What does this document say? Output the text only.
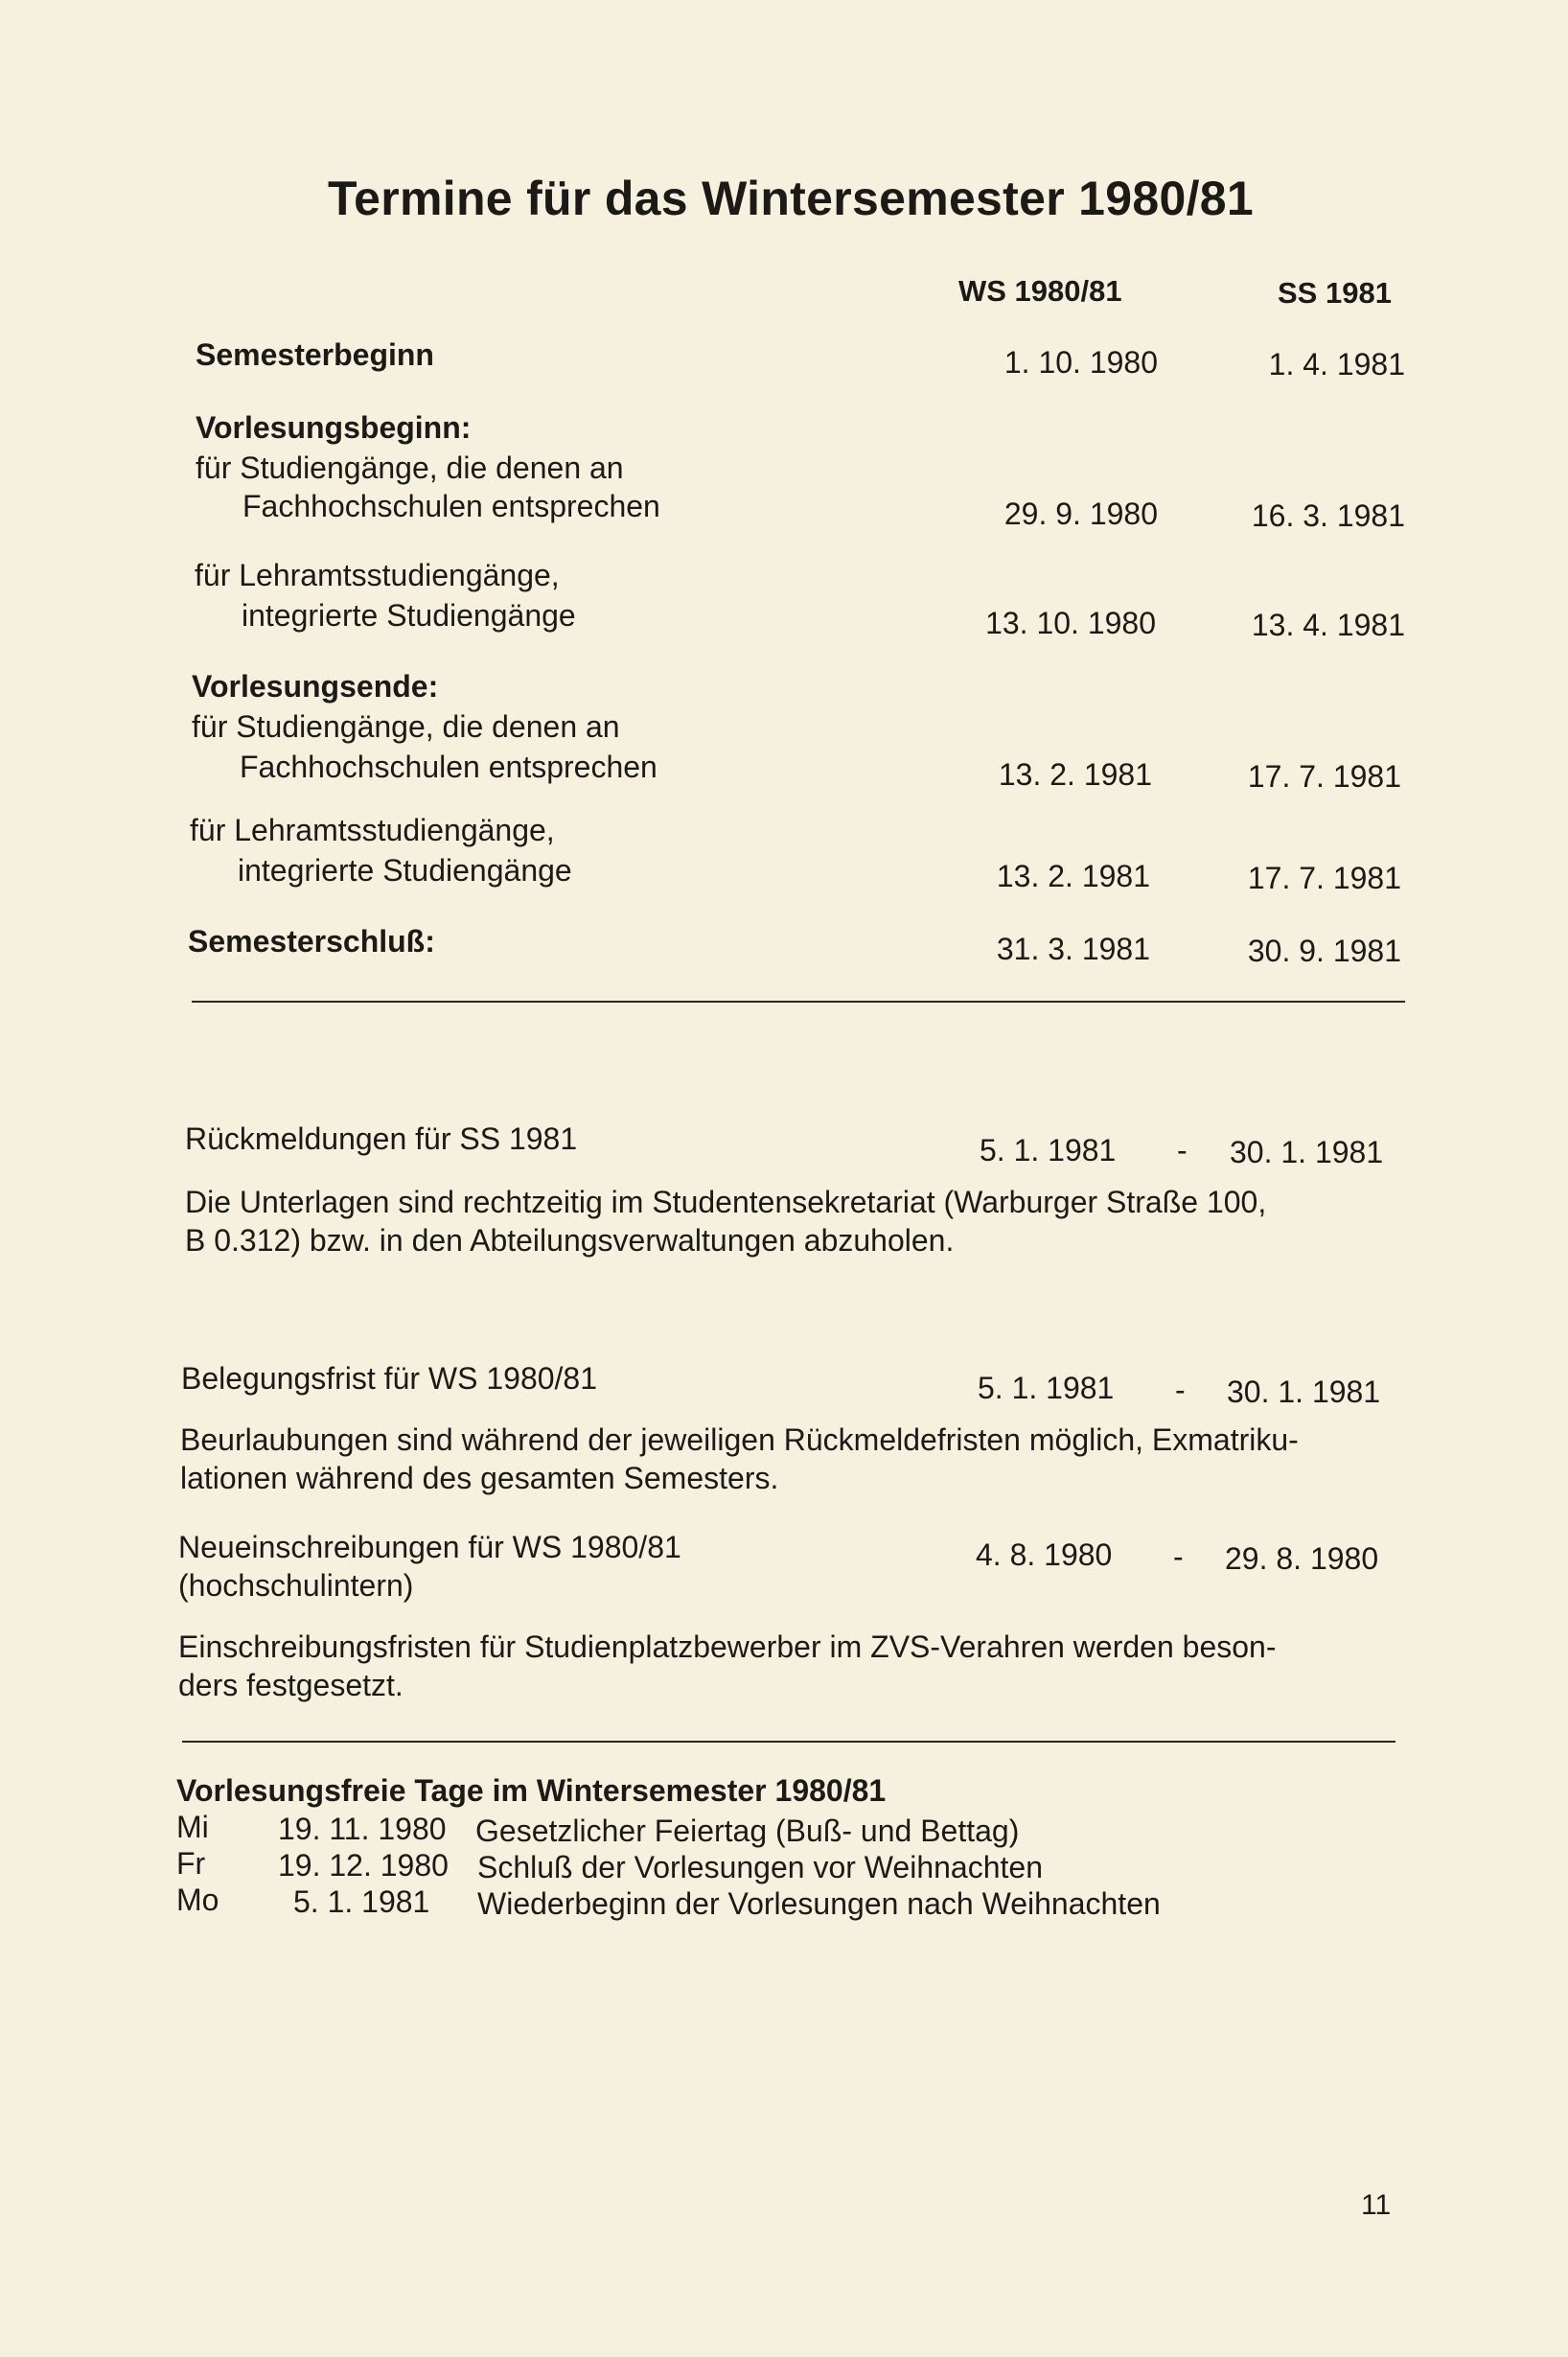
Termine für das Wintersemester 1980/81
WS 1980/81	SS 1981
Semesterbeginn	1. 10. 1980	1. 4. 1981
Vorlesungsbeginn:
für Studiengänge, die denen an
Fachhochschulen entsprechen	29. 9. 1980	16. 3. 1981
für Lehramtsstudiengänge,
integrierte Studiengänge	13. 10. 1980	13. 4. 1981
Vorlesungsende:
für Studiengänge, die denen an
Fachhochschulen entsprechen	13. 2. 1981	17. 7. 1981
für Lehramtsstudiengänge,
integrierte Studiengänge	13. 2. 1981	17. 7. 1981
Semesterschluß:	31. 3. 1981	30. 9. 1981
Rückmeldungen für SS 1981	5. 1. 1981 - 30. 1. 1981
Die Unterlagen sind rechtzeitig im Studentensekretariat (Warburger Straße 100,
B 0.312) bzw. in den Abteilungsverwaltungen abzuholen.
Belegungsfrist für WS 1980/81	5. 1. 1981 - 30. 1. 1981
Beurlaubungen sind während der jeweiligen Rückmeldefristen möglich, Exmatriku-
lationen während des gesamten Semesters.
Neueinschreibungen für WS 1980/81
(hochschulintern)
4. 8. 1980 - 29. 8. 1980
Einschreibungsfristen für Studienplatzbewerber im ZVS-Verahren werden beson-
ders festgesetzt.
Vorlesungsfreie Tage im Wintersemester 1980/81
Mi 19. 11. 1980 Gesetzlicher Feiertag (Buß- und Bettag)
Fr 19. 12. 1980 Schluß der Vorlesungen vor Weihnachten
Mo 5. 1. 1981 Wiederbeginn der Vorlesungen nach Weihnachten
11
